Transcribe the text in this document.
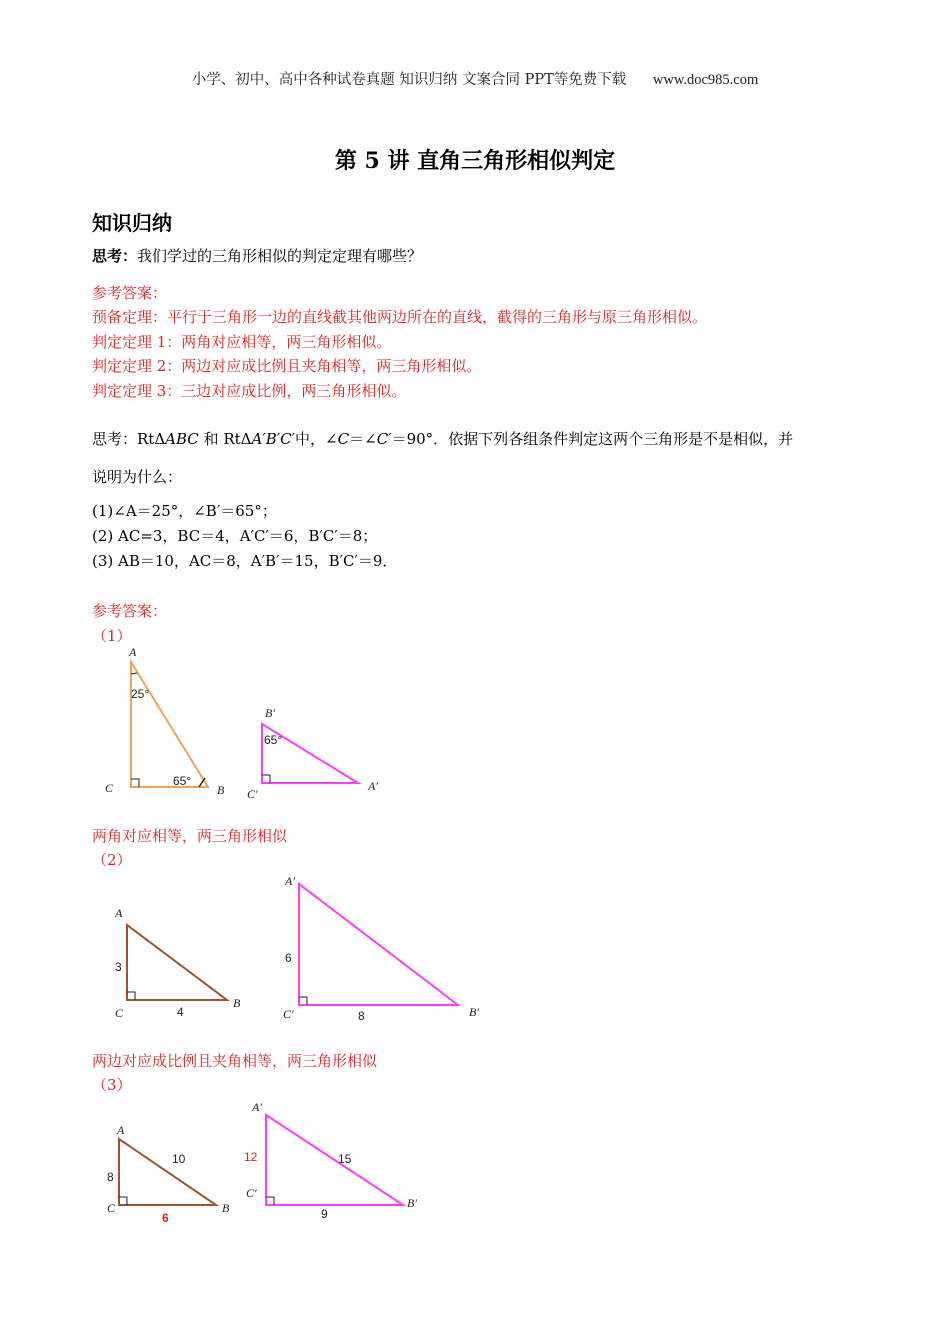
小学、初中、高中各种试卷真题 知识归纳 文案合同 PPT等免费下载 www.doc985.com
第 5 讲 直角三角形相似判定
知识归纳
思考：我们学过的三角形相似的判定定理有哪些？
参考答案：
预备定理：平行于三角形一边的直线截其他两边所在的直线，截得的三角形与原三角形相似。
判定定理 1：两角对应相等，两三角形相似。
判定定理 2：两边对应成比例且夹角相等，两三角形相似。
判定定理 3：三边对应成比例，两三角形相似。
思考：RtΔABC 和 RtΔA′B′C′中，∠C＝∠C′＝90°．依据下列各组条件判定这两个三角形是不是相似，并
说明为什么：
(1)∠A＝25°，∠B′＝65°；
(2) AC=3，BC＝4，A′C′＝6，B′C′＝8；
(3) AB＝10，AC＝8，A′B′＝15，B′C′＝9．
参考答案：
（1）
A
25°
C	65°
B
B′
65°
C′
A′
两角对应相等，两三角形相似
（2）
A
3
C	4
B
A′
6
C′	8	B′
两边对应成比例且夹角相等，两三角形相似
（3）
A
10
8
C
6
B
A′
12	15
C′
9
B′
